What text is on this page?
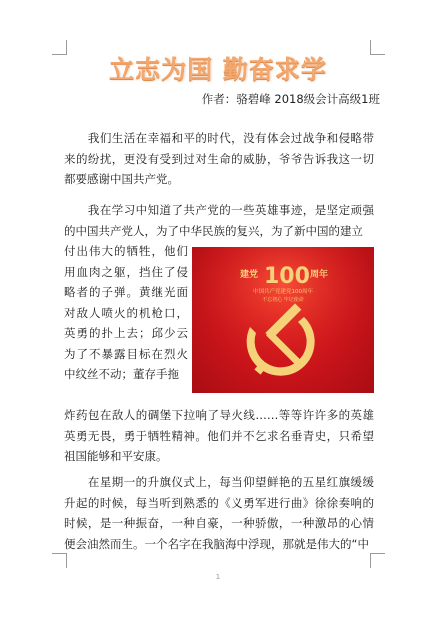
立志为国 勤奋求学
作者：骆碧峰 2018级会计高级1班

　　我们生活在幸福和平的时代，没有体会过战争和侵略带来的纷扰，更没有受到过对生命的威胁，爷爷告诉我这一切都要感谢中国共产党。

　　我在学习中知道了共产党的一些英雄事迹，是坚定顽强的中国共产党人，为了中华民族的复兴，为了新中国的建立

付出伟大的牺牲，他们用血肉之躯，挡住了侵略者的子弹。黄继光面对敌人喷火的机枪口，英勇的扑上去；邱少云为了不暴露目标在烈火中纹丝不动；董存手拖

建党 100 周年
中国共产党建党100周年
不忘初心 牢记使命

炸药包在敌人的碉堡下拉响了导火线……等等许许多的英雄英勇无畏，勇于牺牲精神。他们并不乞求名垂青史，只希望祖国能够和平安康。

　　在星期一的升旗仪式上，每当仰望鲜艳的五星红旗缓缓升起的时候，每当听到熟悉的《义勇军进行曲》徐徐奏响的时候，是一种振奋，一种自豪，一种骄傲，一种激昂的心情便会油然而生。一个名字在我脑海中浮现，那就是伟大的“中

1
